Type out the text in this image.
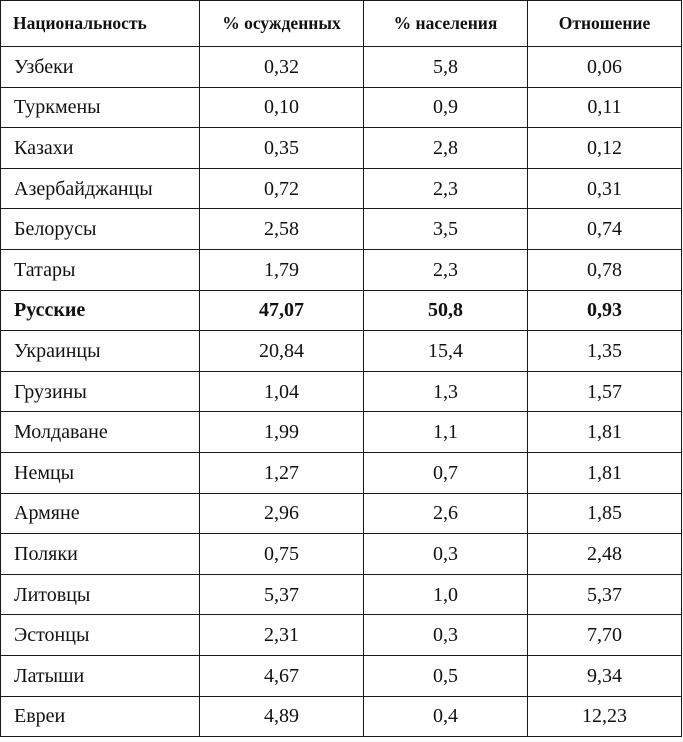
Национальность	% осужденных	% населения	Отношение
Узбеки	0,32	5,8	0,06
Туркмены	0,10	0,9	0,11
Казахи	0,35	2,8	0,12
Азербайджанцы	0,72	2,3	0,31
Белорусы	2,58	3,5	0,74
Татары	1,79	2,3	0,78
Русские	47,07	50,8	0,93
Украинцы	20,84	15,4	1,35
Грузины	1,04	1,3	1,57
Молдаване	1,99	1,1	1,81
Немцы	1,27	0,7	1,81
Армяне	2,96	2,6	1,85
Поляки	0,75	0,3	2,48
Литовцы	5,37	1,0	5,37
Эстонцы	2,31	0,3	7,70
Латыши	4,67	0,5	9,34
Евреи	4,89	0,4	12,23
